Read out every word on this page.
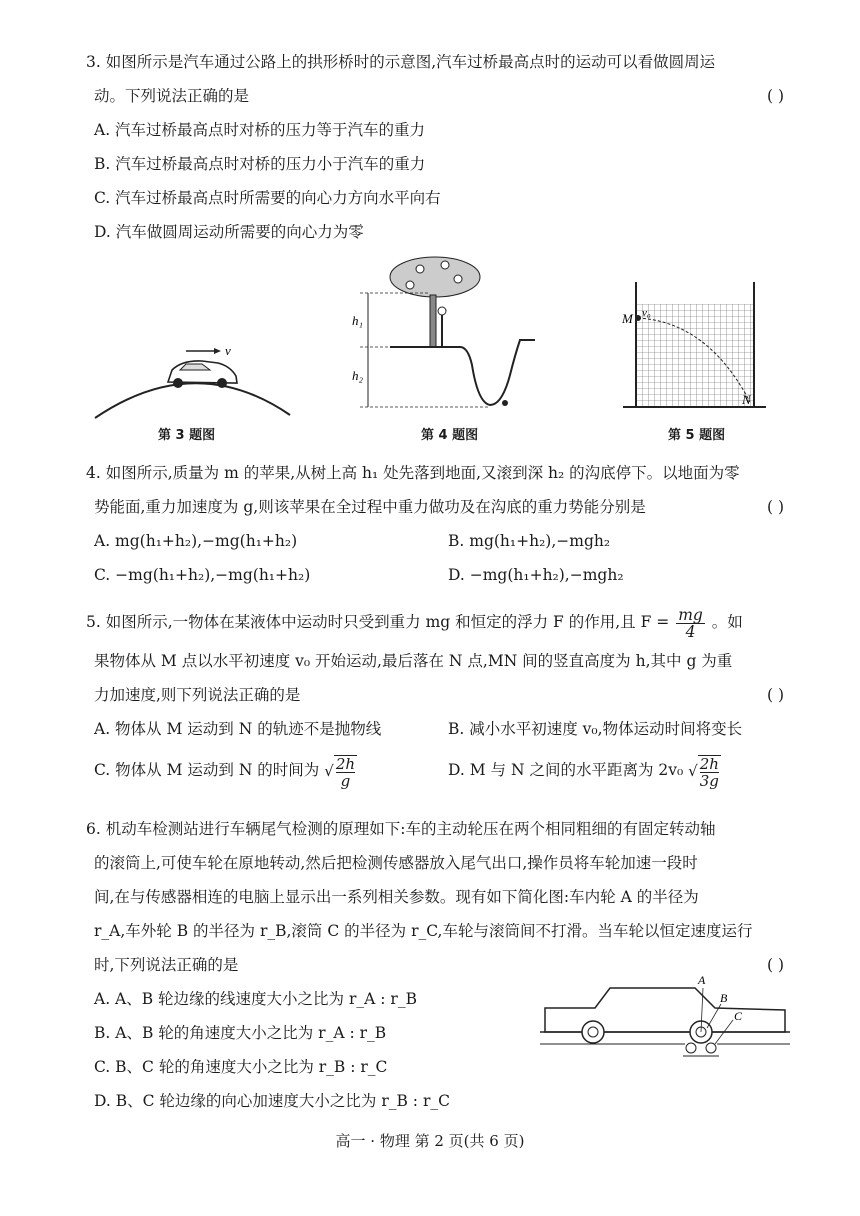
3. 如图所示是汽车通过公路上的拱形桥时的示意图,汽车过桥最高点时的运动可以看做圆周运
动。下列说法正确的是	( )
A. 汽车过桥最高点时对桥的压力等于汽车的重力
B. 汽车过桥最高点时对桥的压力小于汽车的重力
C. 汽车过桥最高点时所需要的向心力方向水平向右
D. 汽车做圆周运动所需要的向心力为零
v
第 3 题图
h₁
h₂
第 4 题图
M v₀
N
第 5 题图
4. 如图所示,质量为 m 的苹果,从树上高 h₁ 处先落到地面,又滚到深 h₂ 的沟底停下。以地面为零
势能面,重力加速度为 g,则该苹果在全过程中重力做功及在沟底的重力势能分别是	( )
A. mg(h₁+h₂),−mg(h₁+h₂)	B. mg(h₁+h₂),−mgh₂
C. −mg(h₁+h₂),−mg(h₁+h₂)	D. −mg(h₁+h₂),−mgh₂
5. 如图所示,一物体在某液体中运动时只受到重力 mg 和恒定的浮力 F 的作用,且 $F = \frac{mg}{4}$ 。如
果物体从 M 点以水平初速度 v₀ 开始运动,最后落在 N 点,MN 间的竖直高度为 h,其中 g 为重
力加速度,则下列说法正确的是	( )
A. 物体从 M 运动到 N 的轨迹不是抛物线	B. 减小水平初速度 v₀,物体运动时间将变长
C. 物体从 M 运动到 N 的时间为 √ $\frac{2h}{g}$	D. M 与 N 之间的水平距离为 2v₀ √ $\frac{2h}{3g}$
6. 机动车检测站进行车辆尾气检测的原理如下:车的主动轮压在两个相同粗细的有固定转动轴
的滚筒上,可使车轮在原地转动,然后把检测传感器放入尾气出口,操作员将车轮加速一段时
间,在与传感器相连的电脑上显示出一系列相关参数。现有如下简化图:车内轮 A 的半径为
r_A,车外轮 B 的半径为 r_B,滚筒 C 的半径为 r_C,车轮与滚筒间不打滑。当车轮以恒定速度运行
时,下列说法正确的是	( )
A. A、B 轮边缘的线速度大小之比为 r_A : r_B
B. A、B 轮的角速度大小之比为 r_A : r_B
C. B、C 轮的角速度大小之比为 r_B : r_C
D. B、C 轮边缘的向心加速度大小之比为 r_B : r_C
A
B
C
高一 · 物理 第 2 页(共 6 页)
